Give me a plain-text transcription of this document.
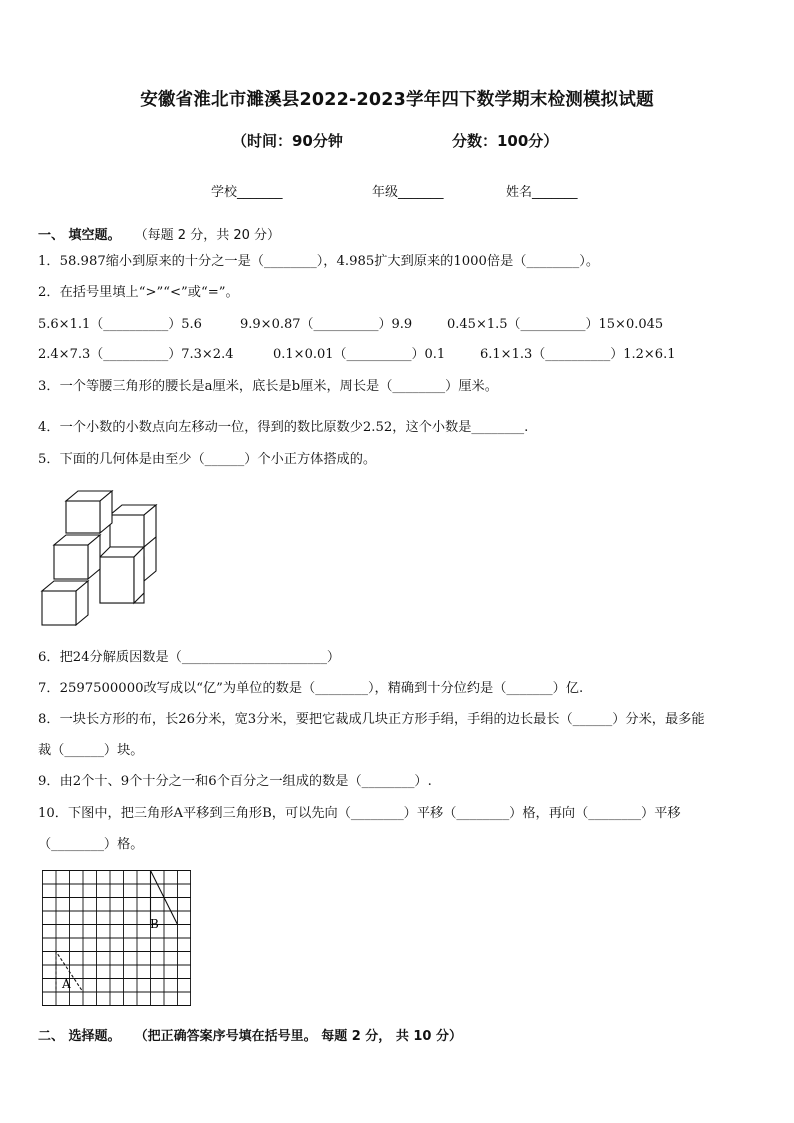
安徽省淮北市濉溪县2022-2023学年四下数学期末检测模拟试题
（时间：90分钟	分数：100分）
学校_______	年级_______	姓名_______
一、 填空题。 （每题 2 分，共 20 分）
1．58.987缩小到原来的十分之一是（________），4.985扩大到原来的1000倍是（________）。
2．在括号里填上“>”“<”或“=”。
5.6×1.1（__________）5.6	9.9×0.87（__________）9.9	0.45×1.5（__________）15×0.045
2.4×7.3（__________）7.3×2.4	0.1×0.01（__________）0.1	6.1×1.3（__________）1.2×6.1
3．一个等腰三角形的腰长是a厘米，底长是b厘米，周长是（________）厘米。
4．一个小数的小数点向左移动一位，得到的数比原数少2.52，这个小数是________.
5．下面的几何体是由至少（______）个小正方体搭成的。
6．把24分解质因数是（______________________）
7．2597500000改写成以“亿”为单位的数是（________），精确到十分位约是（_______）亿.
8．一块长方形的布，长26分米，宽3分米，要把它裁成几块正方形手绢，手绢的边长最长（______）分米，最多能
裁（______）块。
9．由2个十、9个十分之一和6个百分之一组成的数是（________）.
10．下图中，把三角形A平移到三角形B，可以先向（________）平移（________）格，再向（________）平移
（________）格。
B
A
二、 选择题。 （把正确答案序号填在括号里。 每题 2 分， 共 10 分）
